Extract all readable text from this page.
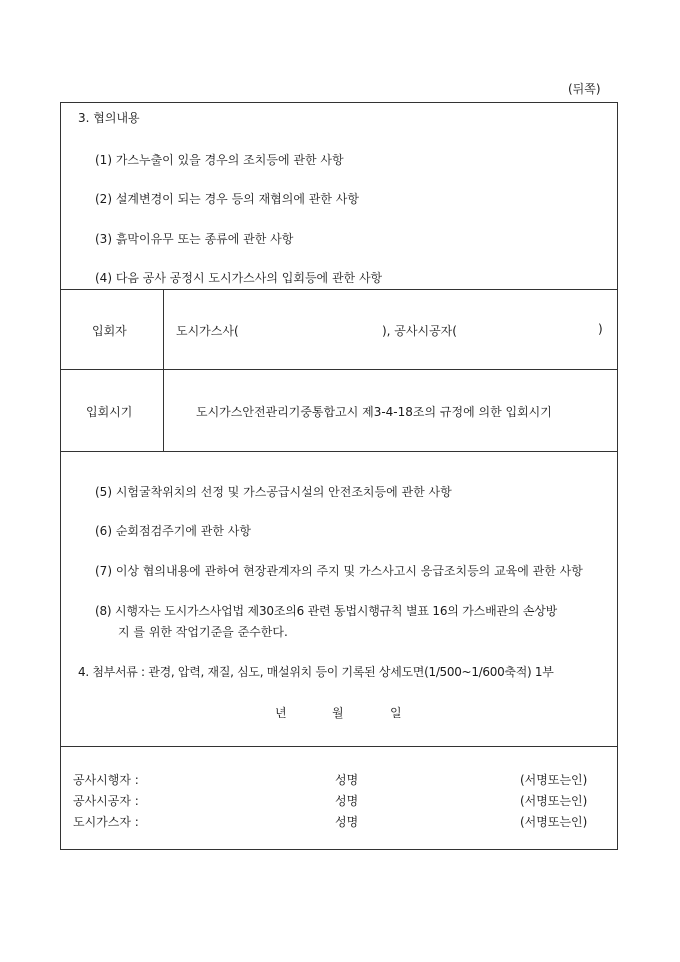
(뒤쪽)
3. 협의내용
(1) 가스누출이 있을 경우의 조치등에 관한 사항
(2) 설계변경이 되는 경우 등의 재협의에 관한 사항
(3) 흙막이유무 또는 종류에 관한 사항
(4) 다음 공사 공정시 도시가스사의 입회등에 관한 사항
입회자	도시가스사(	), 공사시공자(	)
입회시기	도시가스안전관리기중통합고시 제3-4-18조의 규정에 의한 입회시기
(5) 시험굴착위치의 선정 및 가스공급시설의 안전조치등에 관한 사항
(6) 순회점검주기에 관한 사항
(7) 이상 협의내용에 관하여 현장관계자의 주지 및 가스사고시 응급조치등의 교육에 관한 사항
(8) 시행자는 도시가스사업법 제30조의6 관련 동법시행규칙 별표 16의 가스배관의 손상방
지 를 위한 작업기준을 준수한다.
4. 첨부서류 : 관경, 압력, 재질, 심도, 매설위치 등이 기록된 상세도면(1/500~1/600축적) 1부
년	월	일
공사시행자 :	성명	(서명또는인)
공사시공자 :	성명	(서명또는인)
도시가스자 :	성명	(서명또는인)
